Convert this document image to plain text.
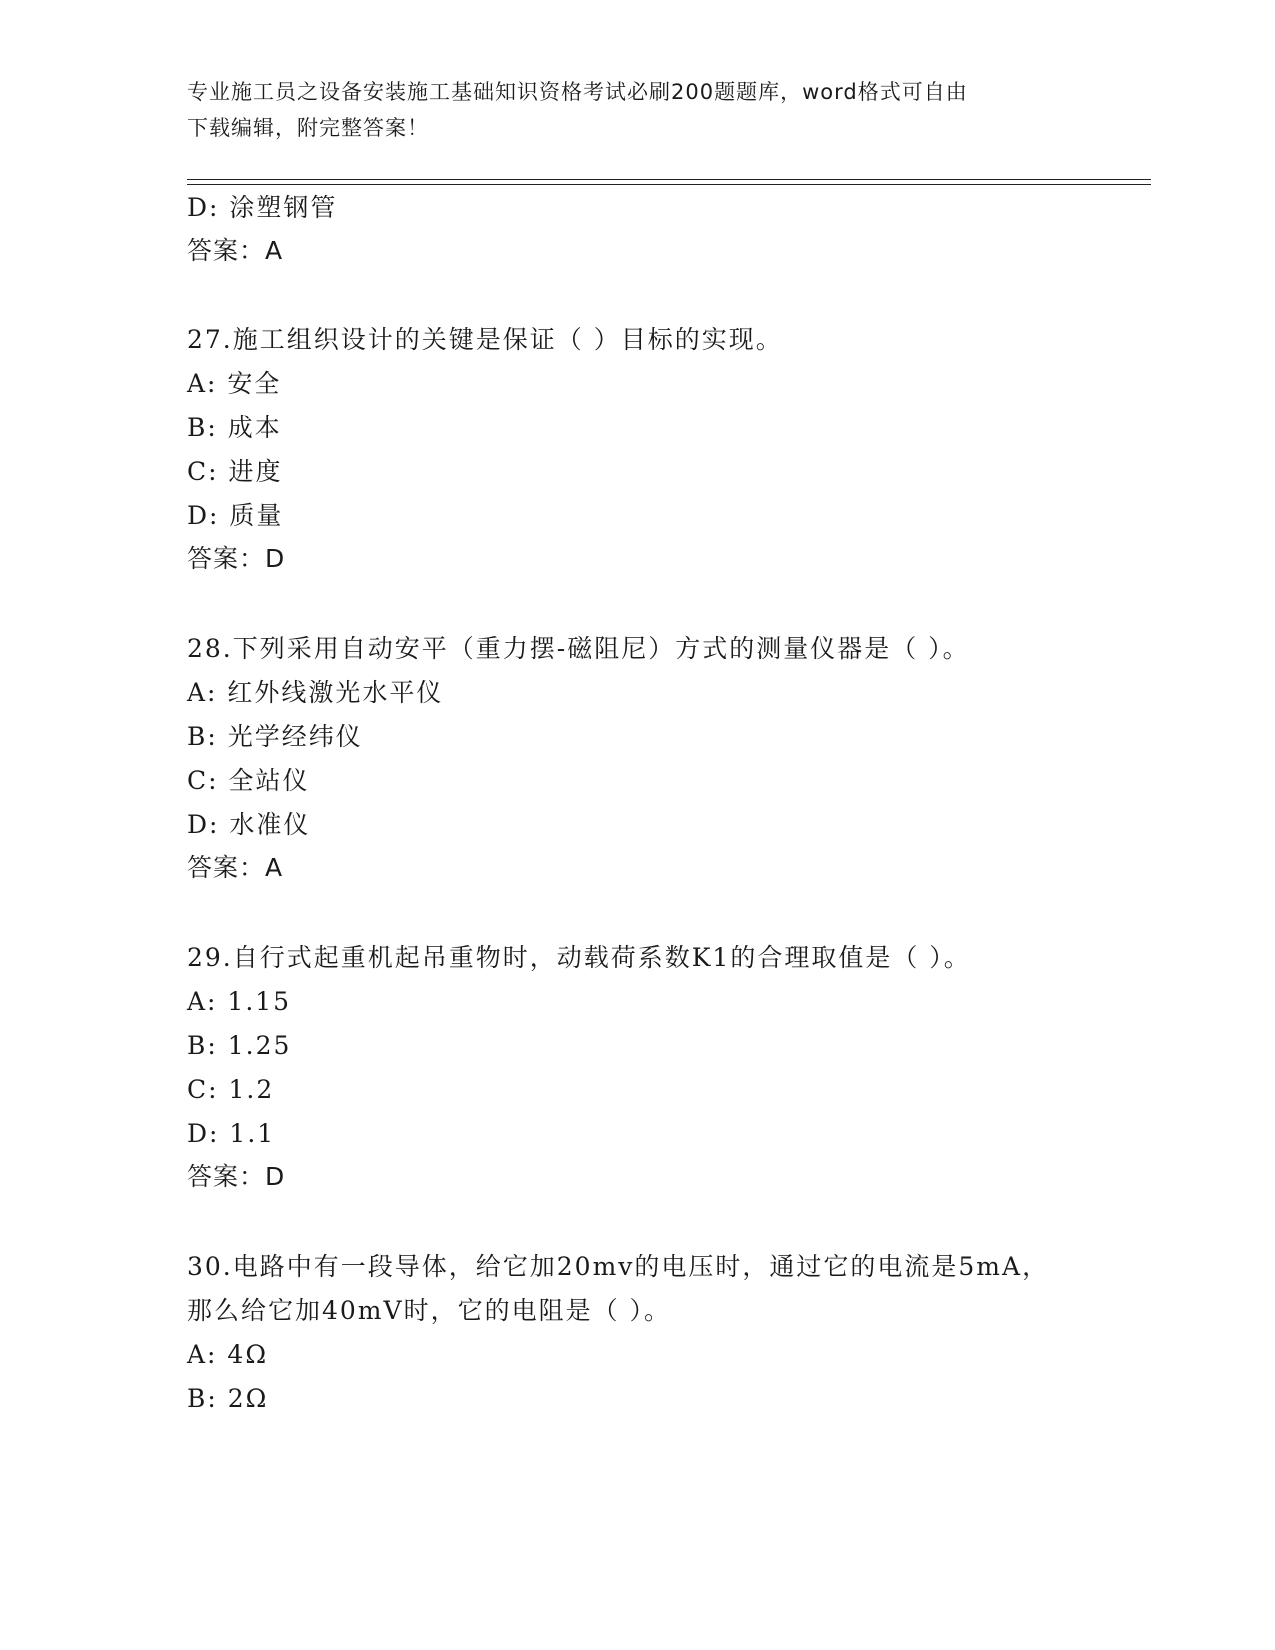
专业施工员之设备安装施工基础知识资格考试必刷200题题库，word格式可自由
下载编辑，附完整答案！
D: 涂塑钢管
答案：A
27.施工组织设计的关键是保证（ ）目标的实现。
A: 安全
B: 成本
C: 进度
D: 质量
答案：D
28.下列采用自动安平（重力摆-磁阻尼）方式的测量仪器是（ ）。
A: 红外线激光水平仪
B: 光学经纬仪
C: 全站仪
D: 水准仪
答案：A
29.自行式起重机起吊重物时，动载荷系数K1的合理取值是（ ）。
A: 1.15
B: 1.25
C: 1.2
D: 1.1
答案：D
30.电路中有一段导体，给它加20mv的电压时，通过它的电流是5mA，
那么给它加40mV时，它的电阻是（ ）。
A: 4Ω
B: 2Ω
